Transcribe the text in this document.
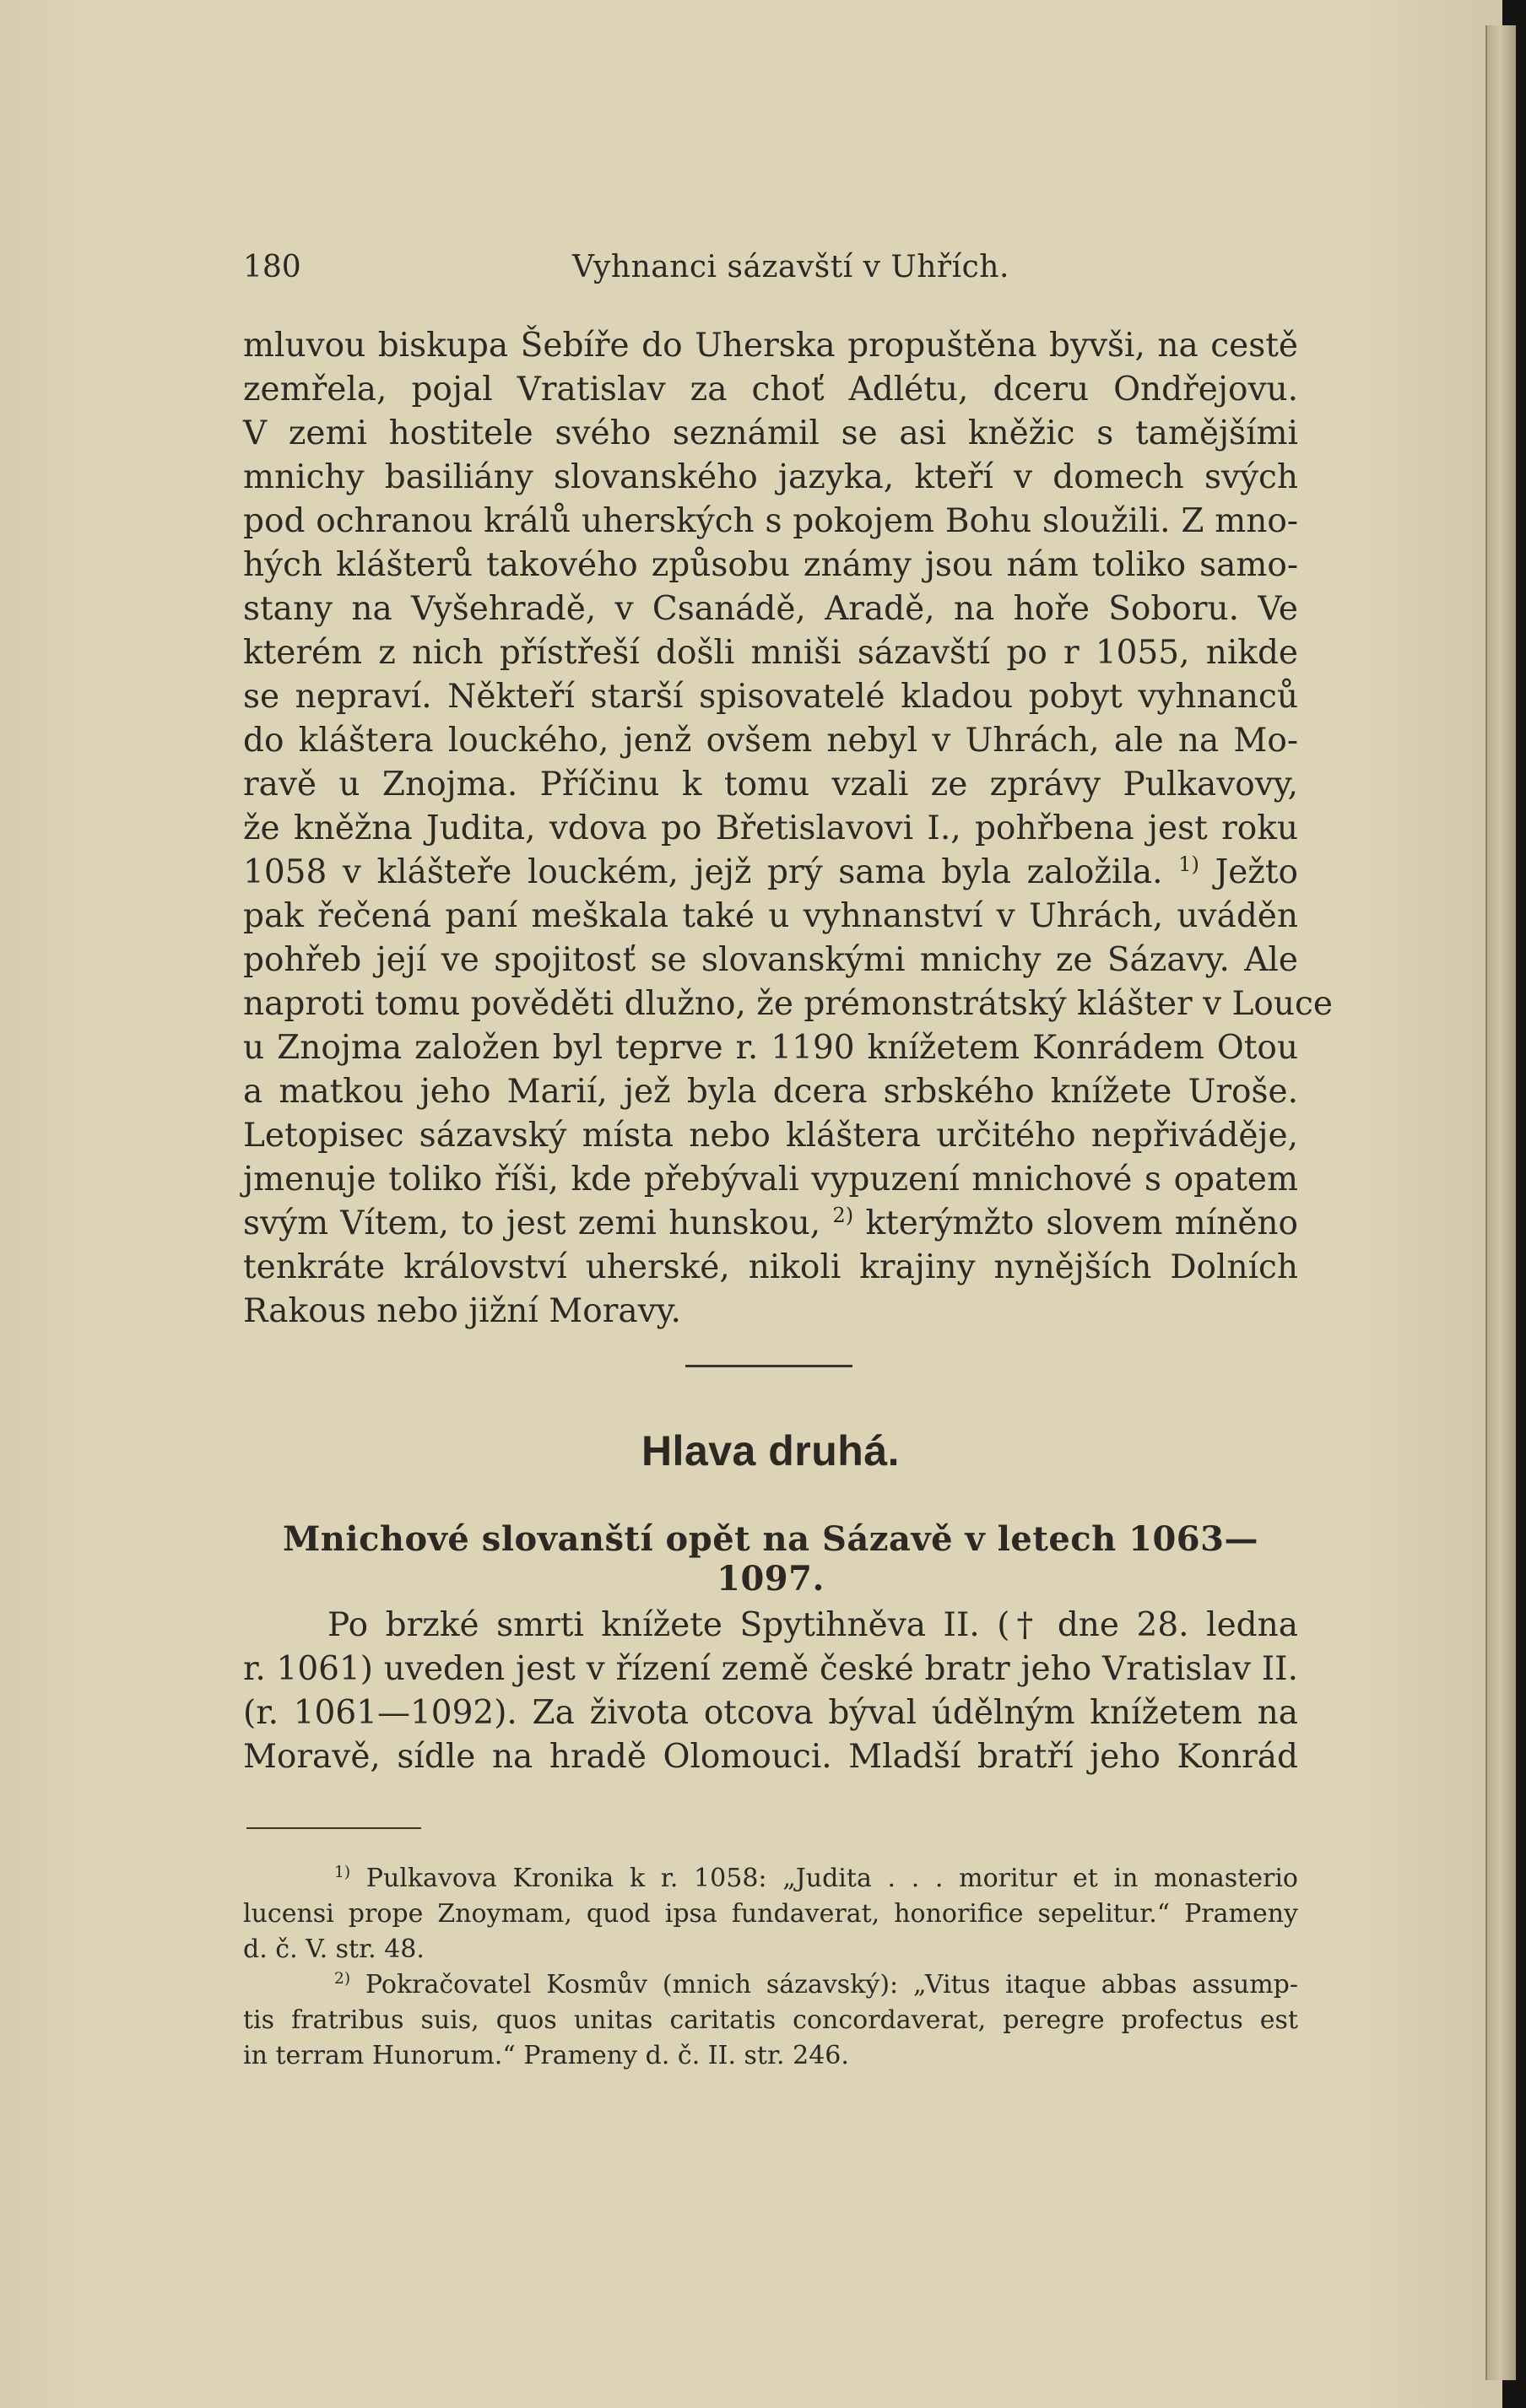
180	Vyhnanci sázavští v Uhřích.
mluvou biskupa Šebíře do Uherska propuštěna byvši, na cestě
zemřela, pojal Vratislav za choť Adlétu, dceru Ondřejovu.
V zemi hostitele svého seznámil se asi kněžic s tamějšími
mnichy basiliány slovanského jazyka, kteří v domech svých
pod ochranou králů uherských s pokojem Bohu sloužili. Z mno-
hých klášterů takového způsobu známy jsou nám toliko samo-
stany na Vyšehradě, v Csanádě, Aradě, na hoře Soboru. Ve
kterém z nich přístřeší došli mniši sázavští po r 1055, nikde
se nepraví. Někteří starší spisovatelé kladou pobyt vyhnanců
do kláštera louckého, jenž ovšem nebyl v Uhrách, ale na Mo-
ravě u Znojma. Příčinu k tomu vzali ze zprávy Pulkavovy,
že kněžna Judita, vdova po Břetislavovi I., pohřbena jest roku
1058 v klášteře louckém, jejž prý sama byla založila. $^{1)}$ Ježto
pak řečená paní meškala také u vyhnanství v Uhrách, uváděn
pohřeb její ve spojitosť se slovanskými mnichy ze Sázavy. Ale
naproti tomu pověděti dlužno, že prémonstrátský klášter v Louce
u Znojma založen byl teprve r. 1190 knížetem Konrádem Otou
a matkou jeho Marií, jež byla dcera srbského knížete Uroše.
Letopisec sázavský místa nebo kláštera určitého nepřiváděje,
jmenuje toliko říši, kde přebývali vypuzení mnichové s opatem
svým Vítem, to jest zemi hunskou, $^{2)}$ kterýmžto slovem míněno
tenkráte království uherské, nikoli krajiny nynějších Dolních
Rakous nebo jižní Moravy.
Hlava druhá.
Mnichové slovanští opět na Sázavě v letech 1063—1097.
Po brzké smrti knížete Spytihněva II. († dne 28. ledna
r. 1061) uveden jest v řízení země české bratr jeho Vratislav II.
(r. 1061—1092). Za života otcova býval údělným knížetem na
Moravě, sídle na hradě Olomouci. Mladší bratří jeho Konrád
$^{1)}$ Pulkavova Kronika k r. 1058: „Judita . . . moritur et in monasterio
lucensi prope Znoymam, quod ipsa fundaverat, honorifice sepelitur.“ Prameny
d. č. V. str. 48.
$^{2)}$ Pokračovatel Kosmův (mnich sázavský): „Vitus itaque abbas assump-
tis fratribus suis, quos unitas caritatis concordaverat, peregre profectus est
in terram Hunorum.“ Prameny d. č. II. str. 246.
